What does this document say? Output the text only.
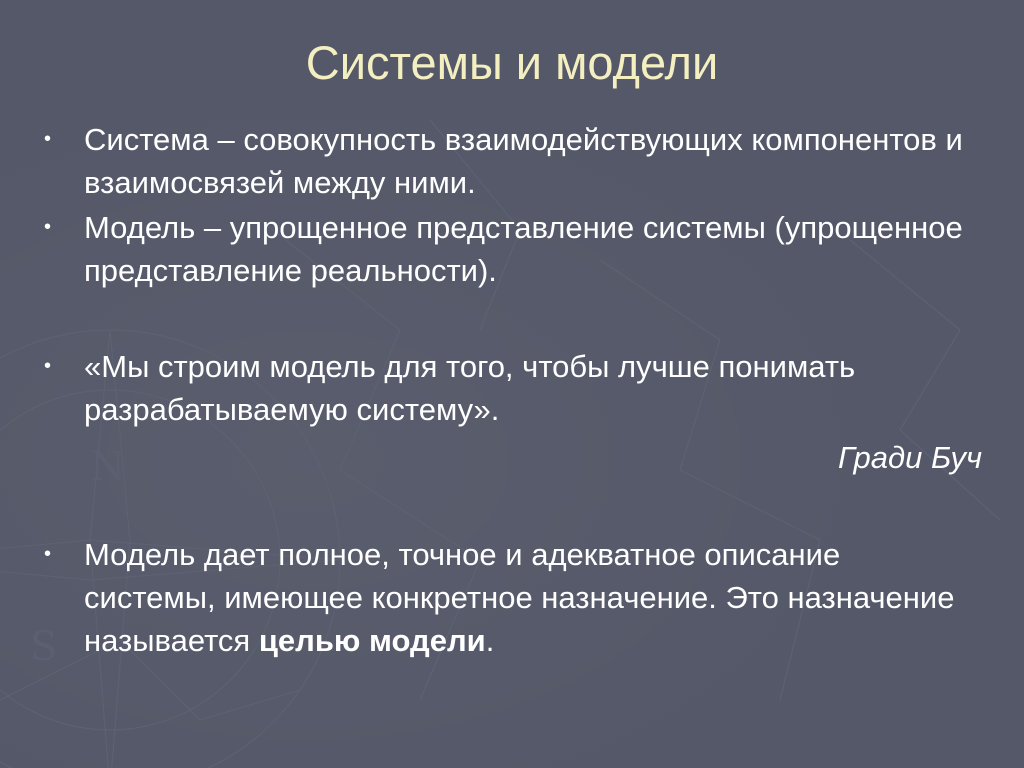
N
S
Системы и модели
•	Система – совокупность взаимодействующих компонентов и взаимосвязей между ними.
•	Модель – упрощенное представление системы (упрощенное представление реальности).
•	«Мы строим модель для того, чтобы лучше понимать разрабатываемую систему».
Гради Буч
•	Модель дает полное, точное и адекватное описание системы, имеющее конкретное назначение. Это назначение называется целью модели.
